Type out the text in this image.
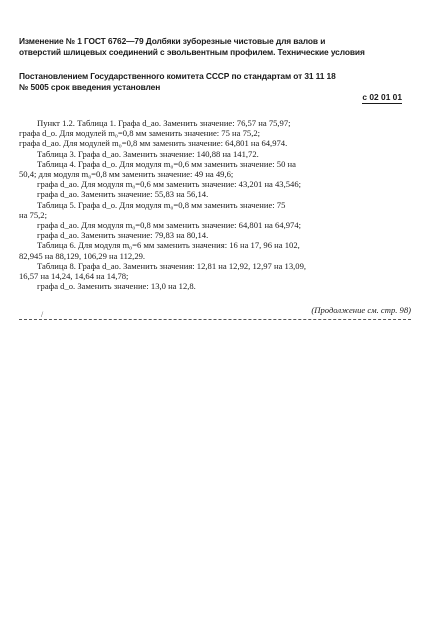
Изменение № 1 ГОСТ 6762—79 Долбяки зуборезные чистовые для валов и
отверстий шлицевых соединений с эвольвентным профилем. Технические условия
Постановлением Государственного комитета СССР по стандартам от 31 11 18
№ 5005 срок введения установлен
с 02 01 01
Пункт 1.2. Таблица 1. Графа d_ao. Заменить значение: 76,57 на 75,97;
графа d_o. Для модулей m₀=0,8 мм заменить значение: 75 на 75,2;
графа d_ao. Для модулей m₀=0,8 мм заменить значение: 64,801 на 64,974.
Таблица 3. Графа d_ao. Заменить значение: 140,88 на 141,72.
Таблица 4. Графа d_o. Для модуля m₀=0,6 мм заменить значение: 50 на
50,4; для модуля m₀=0,8 мм заменить значение: 49 на 49,6;
графа d_ao. Для модуля m₀=0,6 мм заменить значение: 43,201 на 43,546;
графа d_ao. Заменить значение: 55,83 на 56,14.
Таблица 5. Графа d_o. Для модуля m₀=0,8 мм заменить значение: 75
на 75,2;
графа d_ao. Для модуля m₀=0,8 мм заменить значение: 64,801 на 64,974;
графа d_ao. Заменить значение: 79,83 на 80,14.
Таблица 6. Для модуля m₀=6 мм заменить значения: 16 на 17, 96 на 102,
82,945 на 88,129, 106,29 на 112,29.
Таблица 8. Графа d_ao. Заменить значения: 12,81 на 12,92, 12,97 на 13,09,
16,57 на 14,24, 14,64 на 14,78;
графа d_o. Заменить значение: 13,0 на 12,8.
/	(Продолжение см. стр. 98)
